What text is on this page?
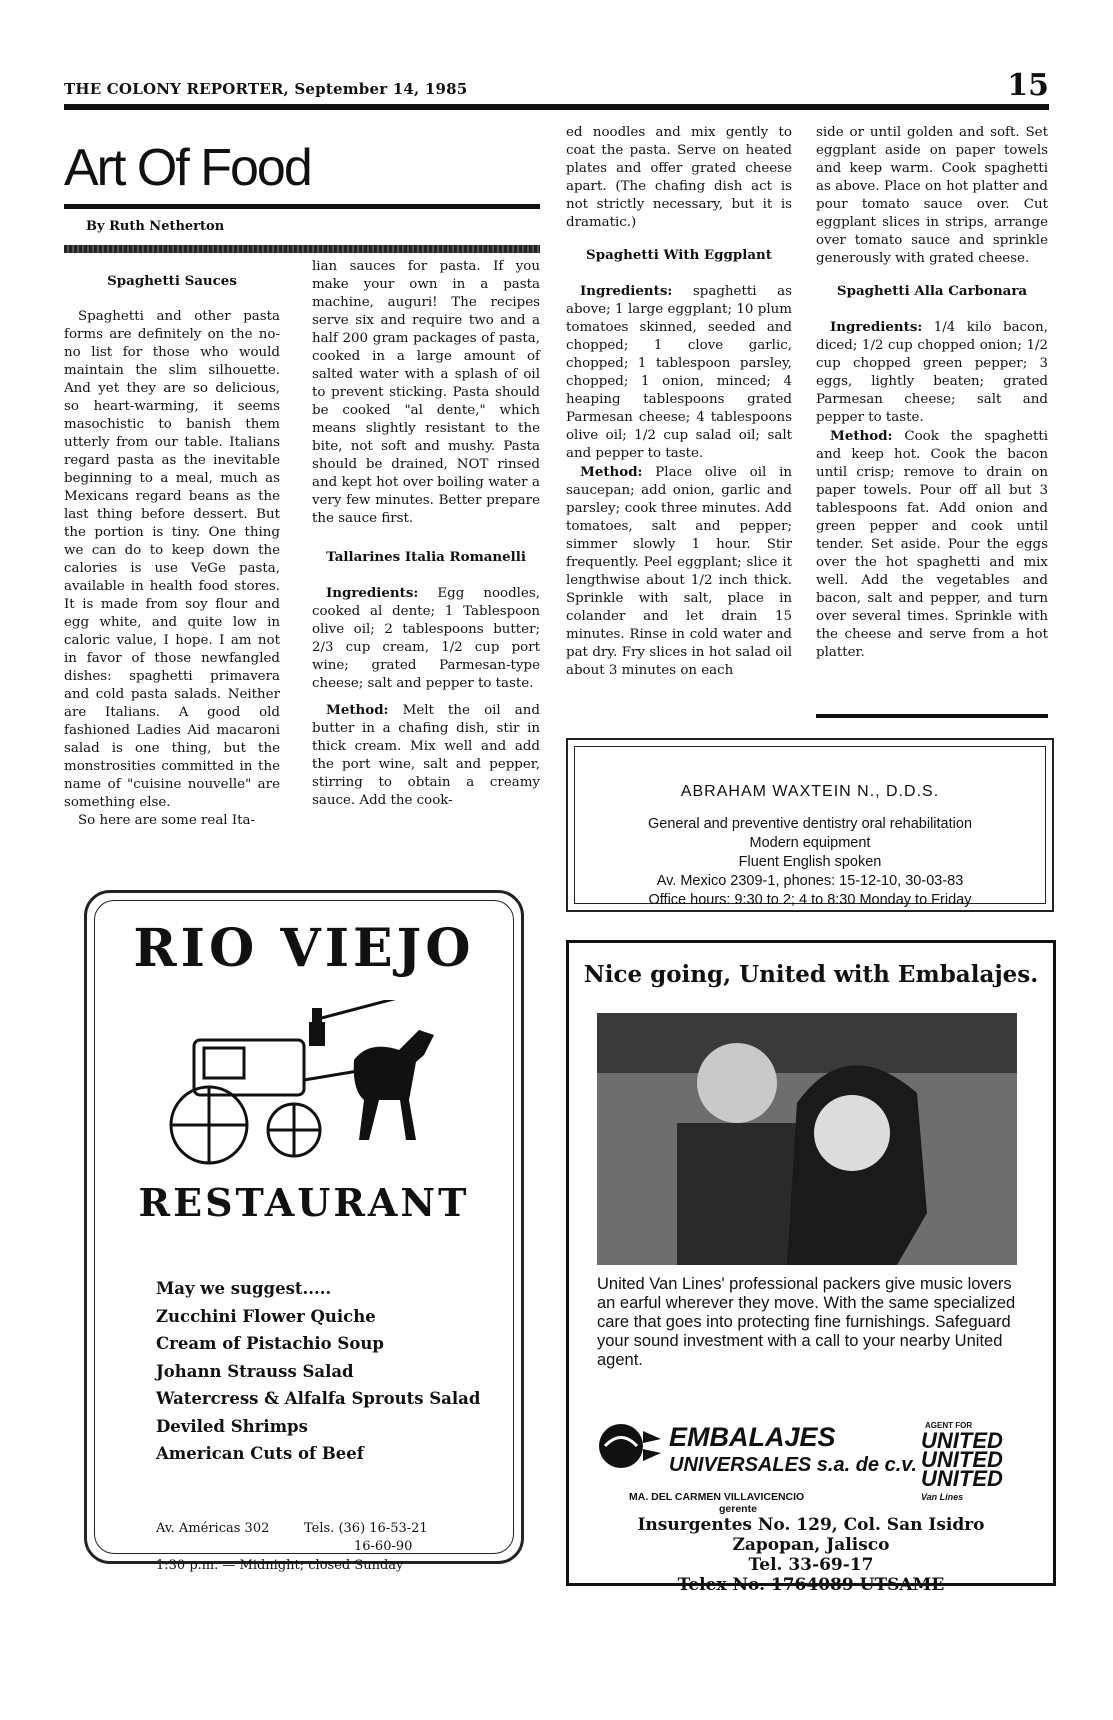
THE COLONY REPORTER, September 14, 1985	15
Art Of Food
By Ruth Netherton

Spaghetti Sauces

Spaghetti and other pasta forms are definitely on the no-no list for those who would maintain the slim silhouette. And yet they are so delicious, so heart-warming, it seems masochistic to banish them utterly from our table. Italians regard pasta as the inevitable beginning to a meal, much as Mexicans regard beans as the last thing before dessert. But the portion is tiny. One thing we can do to keep down the calories is use VeGe pasta, available in health food stores. It is made from soy flour and egg white, and quite low in caloric value, I hope. I am not in favor of those newfangled dishes: spaghetti primavera and cold pasta salads. Neither are Italians. A good old fashioned Ladies Aid macaroni salad is one thing, but the monstrosities committed in the name of "cuisine nouvelle" are something else.

So here are some real Ita-

lian sauces for pasta. If you make your own in a pasta machine, auguri! The recipes serve six and require two and a half 200 gram packages of pasta, cooked in a large amount of salted water with a splash of oil to prevent sticking. Pasta should be cooked "al dente," which means slightly resistant to the bite, not soft and mushy. Pasta should be drained, NOT rinsed and kept hot over boiling water a very few minutes. Better prepare the sauce first.

Tallarines Italia Romanelli

Ingredients: Egg noodles, cooked al dente; 1 Tablespoon olive oil; 2 tablespoons butter; 2/3 cup cream, 1/2 cup port wine; grated Parmesan-type cheese; salt and pepper to taste.

Method: Melt the oil and butter in a chafing dish, stir in thick cream. Mix well and add the port wine, salt and pepper, stirring to obtain a creamy sauce. Add the cook-

ed noodles and mix gently to coat the pasta. Serve on heated plates and offer grated cheese apart. (The chafing dish act is not strictly necessary, but it is dramatic.)

Spaghetti With Eggplant

Ingredients: spaghetti as above; 1 large eggplant; 10 plum tomatoes skinned, seeded and chopped; 1 clove garlic, chopped; 1 tablespoon parsley, chopped; 1 onion, minced; 4 heaping tablespoons grated Parmesan cheese; 4 tablespoons olive oil; 1/2 cup salad oil; salt and pepper to taste.

Method: Place olive oil in saucepan; add onion, garlic and parsley; cook three minutes. Add tomatoes, salt and pepper; simmer slowly 1 hour. Stir frequently. Peel eggplant; slice it lengthwise about 1/2 inch thick. Sprinkle with salt, place in colander and let drain 15 minutes. Rinse in cold water and pat dry. Fry slices in hot salad oil about 3 minutes on each

side or until golden and soft. Set eggplant aside on paper towels and keep warm. Cook spaghetti as above. Place on hot platter and pour tomato sauce over. Cut eggplant slices in strips, arrange over tomato sauce and sprinkle generously with grated cheese.

Spaghetti Alla Carbonara

Ingredients: 1/4 kilo bacon, diced; 1/2 cup chopped onion; 1/2 cup chopped green pepper; 3 eggs, lightly beaten; grated Parmesan cheese; salt and pepper to taste.

Method: Cook the spaghetti and keep hot. Cook the bacon until crisp; remove to drain on paper towels. Pour off all but 3 tablespoons fat. Add onion and green pepper and cook until tender. Set aside. Pour the eggs over the hot spaghetti and mix well. Add the vegetables and bacon, salt and pepper, and turn over several times. Sprinkle with the cheese and serve from a hot platter.

RIO VIEJO
RESTAURANT
May we suggest.....
Zucchini Flower Quiche
Cream of Pistachio Soup
Johann Strauss Salad
Watercress & Alfalfa Sprouts Salad
Deviled Shrimps
American Cuts of Beef
Av. Américas 302	Tels. (36) 16-53-21
16-60-90
1:30 p.m. — Midnight; closed Sunday
ABRAHAM WAXTEIN N., D.D.S.
General and preventive dentistry oral rehabilitation
Modern equipment
Fluent English spoken
Av. Mexico 2309-1, phones: 15-12-10, 30-03-83
Office hours: 9:30 to 2; 4 to 8:30 Monday to Friday
Nice going, United with Embalajes.
United Van Lines' professional packers give music lovers an earful wherever they move. With the same specialized care that goes into protecting fine furnishings. Safeguard your sound investment with a call to your nearby United agent.
EMBALAJES
UNIVERSALES s.a. de c.v.
AGENT FOR
UNITED
UNITED
UNITED
Van Lines
MA. DEL CARMEN VILLAVICENCIO
gerente
Insurgentes No. 129, Col. San Isidro
Zapopan, Jalisco
Tel. 33-69-17
Telex No. 1764089 UTSAME
